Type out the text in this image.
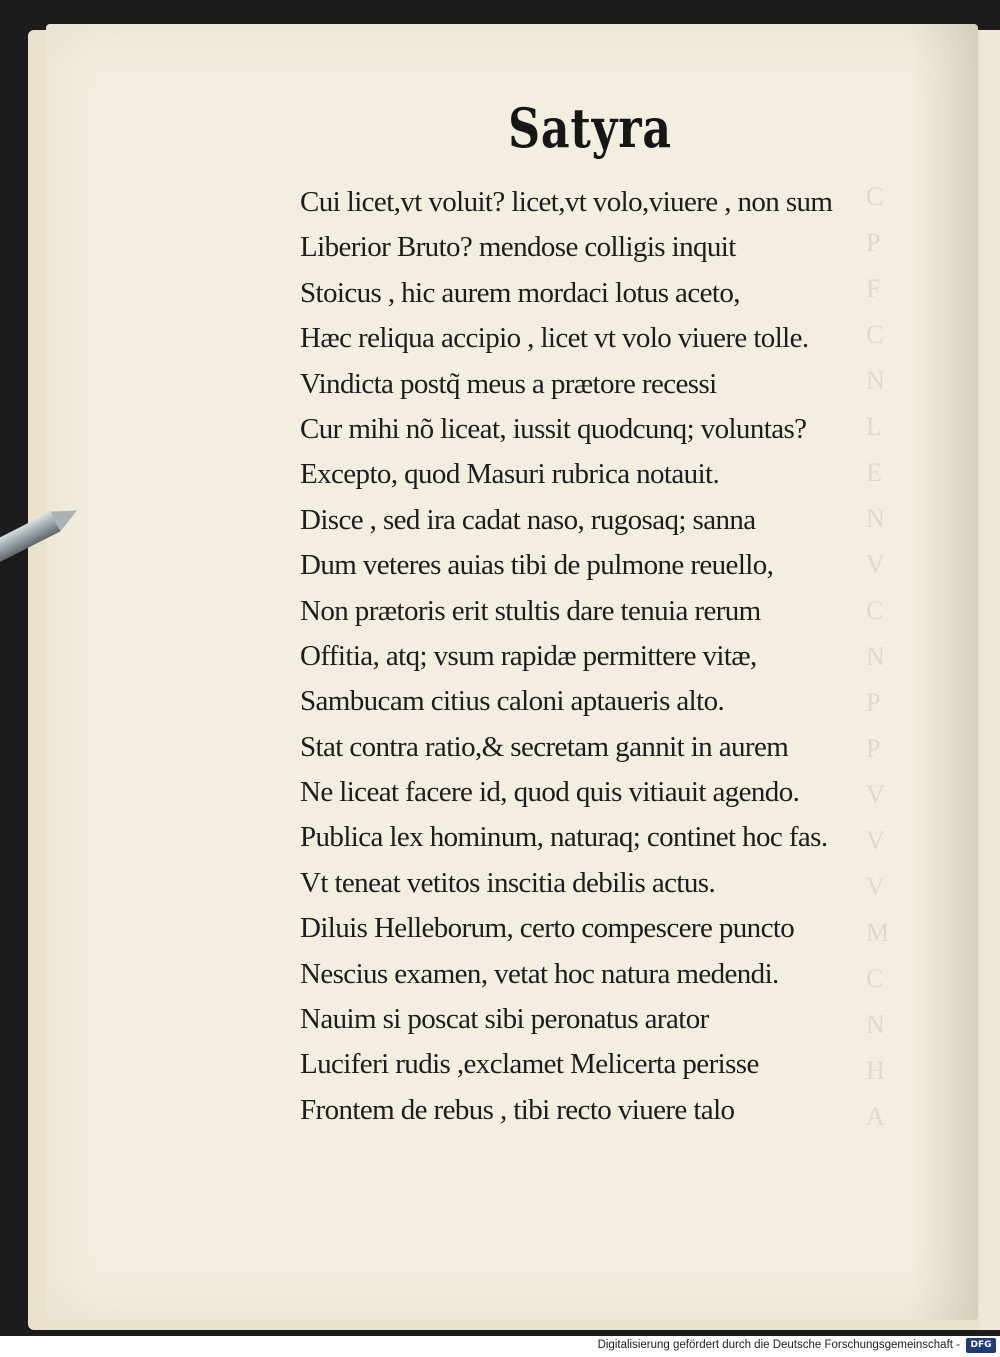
C
P
F
C
N
L
E
N
V
C
N
P
P
V
V
V
M
C
N
H
A
Satyra
Cui licet,vt voluit? licet,vt volo,viuere , non sum
Liberior Bruto? mendose colligis inquit
Stoicus , hic aurem mordaci lotus aceto,
Hæc reliqua accipio , licet vt volo viuere tolle.
Vindicta postq̃ meus a prætore recessi
Cur mihi nõ liceat, iussit quodcunq; voluntas?
Excepto, quod Masuri rubrica notauit.
Disce , sed ira cadat naso, rugosaq; sanna
Dum veteres auias tibi de pulmone reuello,
Non prætoris erit stultis dare tenuia rerum
Offitia, atq; vsum rapidæ permittere vitæ,
Sambucam citius caloni aptaueris alto.
Stat contra ratio,& secretam gannit in aurem
Ne liceat facere id, quod quis vitiauit agendo.
Publica lex hominum, naturaq; continet hoc fas.
Vt teneat vetitos inscitia debilis actus.
Diluis Helleborum, certo compescere puncto
Nescius examen, vetat hoc natura medendi.
Nauim si poscat sibi peronatus arator
Luciferi rudis ,exclamet Melicerta perisse
Frontem de rebus , tibi recto viuere talo
Digitalisierung gefördert durch die Deutsche Forschungsgemeinschaft -	DFG
